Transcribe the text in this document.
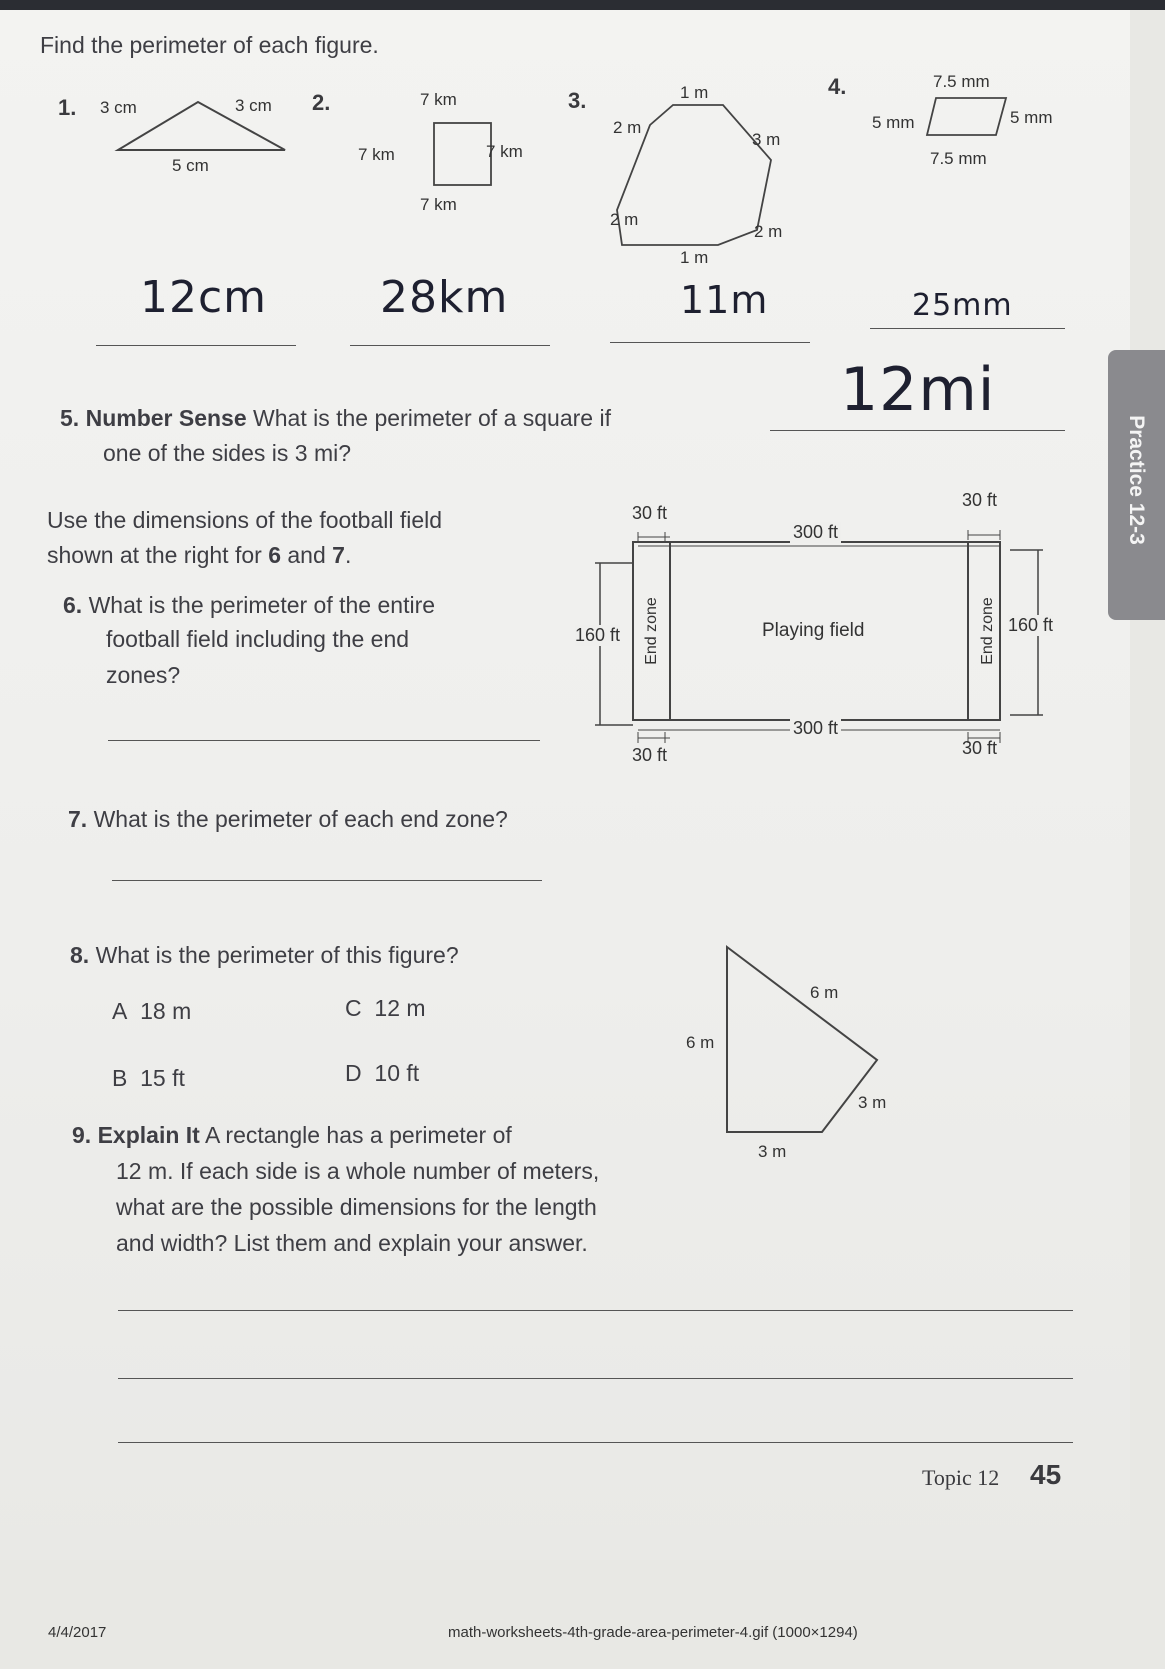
Find the perimeter of each figure.
1. 3 cm	3 cm
5 cm
12cm
2.	7 km
7 km	7 km
7 km
28km
3.	1 m
2 m
3 m
2 m
2 m
1 m
11m
4.	7.5 mm
5 mm	5 mm
7.5 mm
25mm
5. Number Sense What is the perimeter of a square if
one of the sides is 3 mi?
12mi
Use the dimensions of the football field
shown at the right for 6 and 7.
6. What is the perimeter of the entire
football field including the end
zones?
30 ft
30 ft
300 ft
300 ft
160 ft	160 ft
30 ft	30 ft
End zone	End zone
Playing field
7. What is the perimeter of each end zone?
8. What is the perimeter of this figure?
A 18 m	C 12 m
B 15 ft	D 10 ft
6 m
6 m
3 m
3 m
9. Explain It A rectangle has a perimeter of
12 m. If each side is a whole number of meters,
what are the possible dimensions for the length
and width? List them and explain your answer.
Topic 12 45
Practice 12-3
4/4/2017	math-worksheets-4th-grade-area-perimeter-4.gif (1000×1294)
